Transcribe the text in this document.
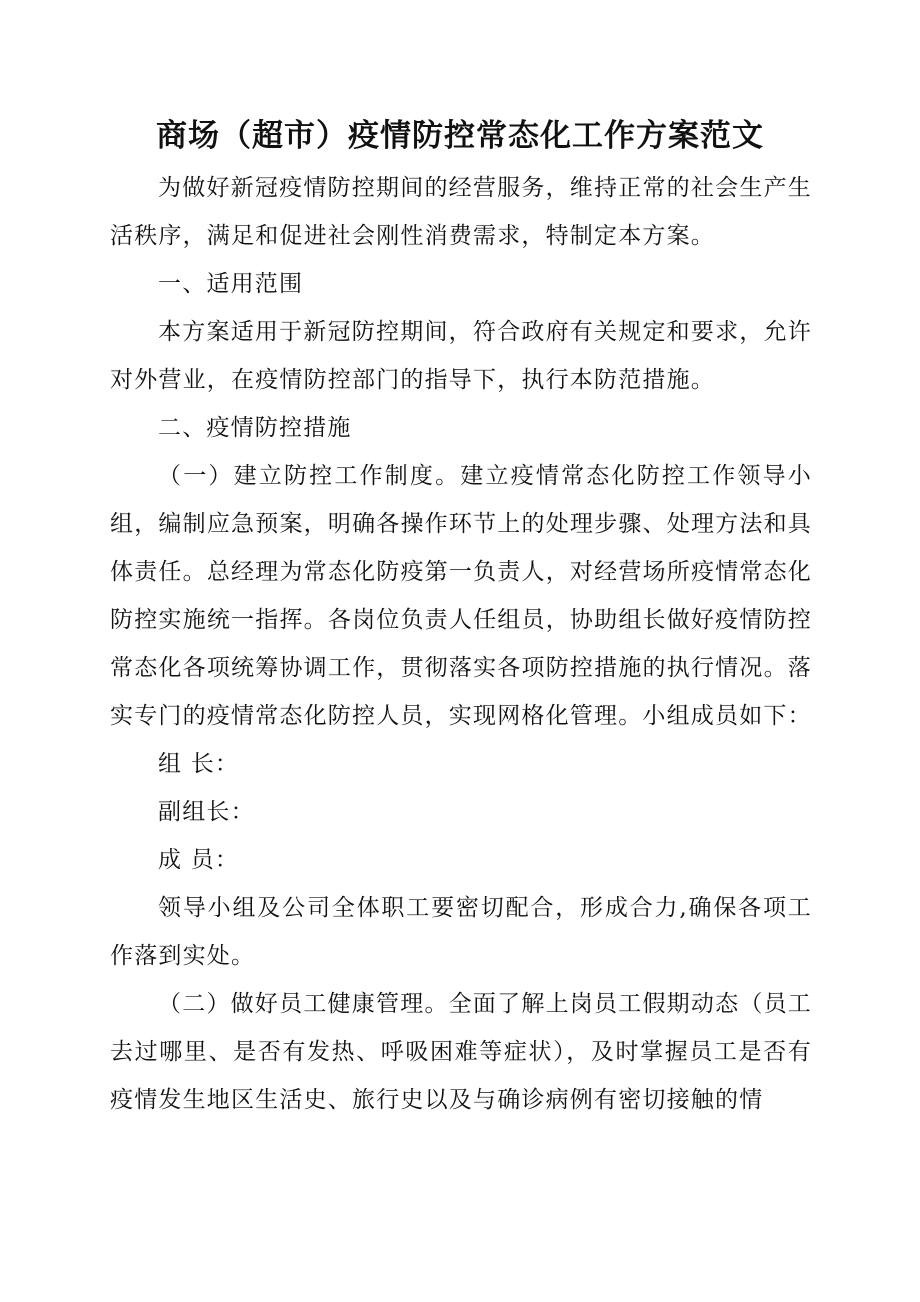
商场（超市）疫情防控常态化工作方案范文

为做好新冠疫情防控期间的经营服务，维持正常的社会生产生活秩序，满足和促进社会刚性消费需求，特制定本方案。

一、适用范围

本方案适用于新冠防控期间，符合政府有关规定和要求，允许对外营业，在疫情防控部门的指导下，执行本防范措施。

二、疫情防控措施

（一）建立防控工作制度。建立疫情常态化防控工作领导小组，编制应急预案，明确各操作环节上的处理步骤、处理方法和具体责任。总经理为常态化防疫第一负责人，对经营场所疫情常态化防控实施统一指挥。各岗位负责人任组员，协助组长做好疫情防控常态化各项统筹协调工作，贯彻落实各项防控措施的执行情况。落实专门的疫情常态化防控人员，实现网格化管理。小组成员如下：

组 长：

副组长：

成 员：

领导小组及公司全体职工要密切配合，形成合力,确保各项工作落到实处。

（二）做好员工健康管理。全面了解上岗员工假期动态（员工去过哪里、是否有发热、呼吸困难等症状），及时掌握员工是否有疫情发生地区生活史、旅行史以及与确诊病例有密切接触的情
